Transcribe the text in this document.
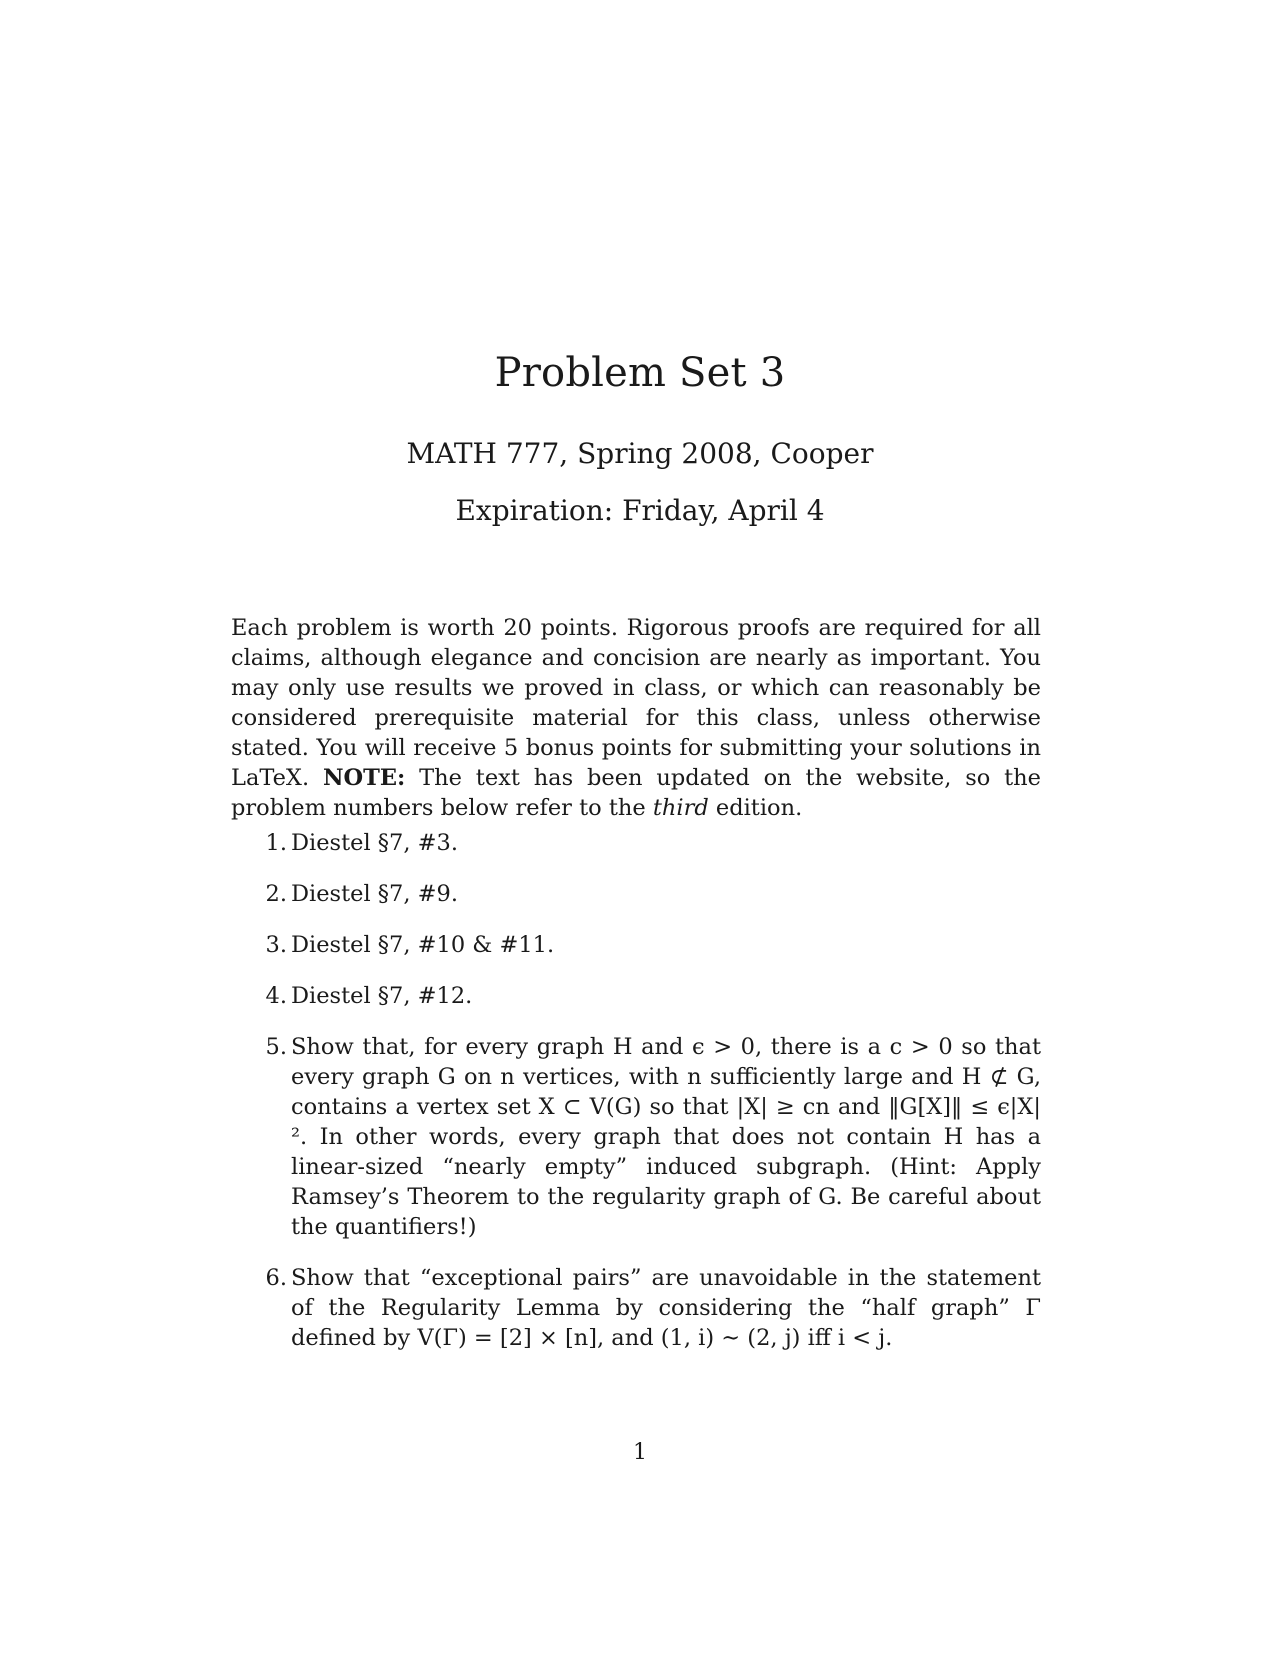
Problem Set 3
MATH 777, Spring 2008, Cooper
Expiration: Friday, April 4

Each problem is worth 20 points. Rigorous proofs are required for all claims, although elegance and concision are nearly as important. You may only use results we proved in class, or which can reasonably be considered prerequisite material for this class, unless otherwise stated. You will receive 5 bonus points for submitting your solutions in LaTeX. NOTE: The text has been updated on the website, so the problem numbers below refer to the third edition.

1. Diestel §7, #3.
2. Diestel §7, #9.
3. Diestel §7, #10 & #11.
4. Diestel §7, #12.
5. Show that, for every graph H and ϵ > 0, there is a c > 0 so that every graph G on n vertices, with n sufficiently large and H ⊄ G, contains a vertex set X ⊂ V(G) so that |X| ≥ cn and ‖G[X]‖ ≤ ϵ|X|². In other words, every graph that does not contain H has a linear-sized “nearly empty” induced subgraph. (Hint: Apply Ramsey’s Theorem to the regularity graph of G. Be careful about the quantifiers!)
6. Show that “exceptional pairs” are unavoidable in the statement of the Regularity Lemma by considering the “half graph” Γ defined by V(Γ) = [2] × [n], and (1, i) ∼ (2, j) iff i < j.
1
